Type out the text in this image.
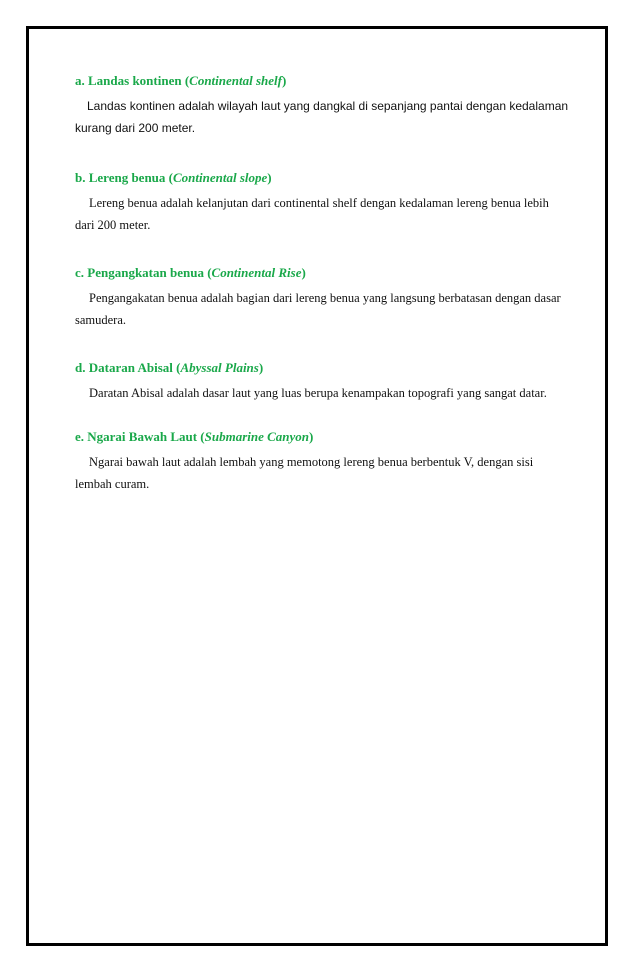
a. Landas kontinen (Continental shelf)

Landas kontinen adalah wilayah laut yang dangkal di sepanjang pantai dengan kedalaman kurang dari 200 meter.

b. Lereng benua (Continental slope)

Lereng benua adalah kelanjutan dari continental shelf dengan kedalaman lereng benua lebih dari 200 meter.

c. Pengangkatan benua (Continental Rise)

Pengangakatan benua adalah bagian dari lereng benua yang langsung berbatasan dengan dasar samudera.

d. Dataran Abisal (Abyssal Plains)

Daratan Abisal adalah dasar laut yang luas berupa kenampakan topografi yang sangat datar.

e. Ngarai Bawah Laut (Submarine Canyon)

Ngarai bawah laut adalah lembah yang memotong lereng benua berbentuk V, dengan sisi lembah curam.
